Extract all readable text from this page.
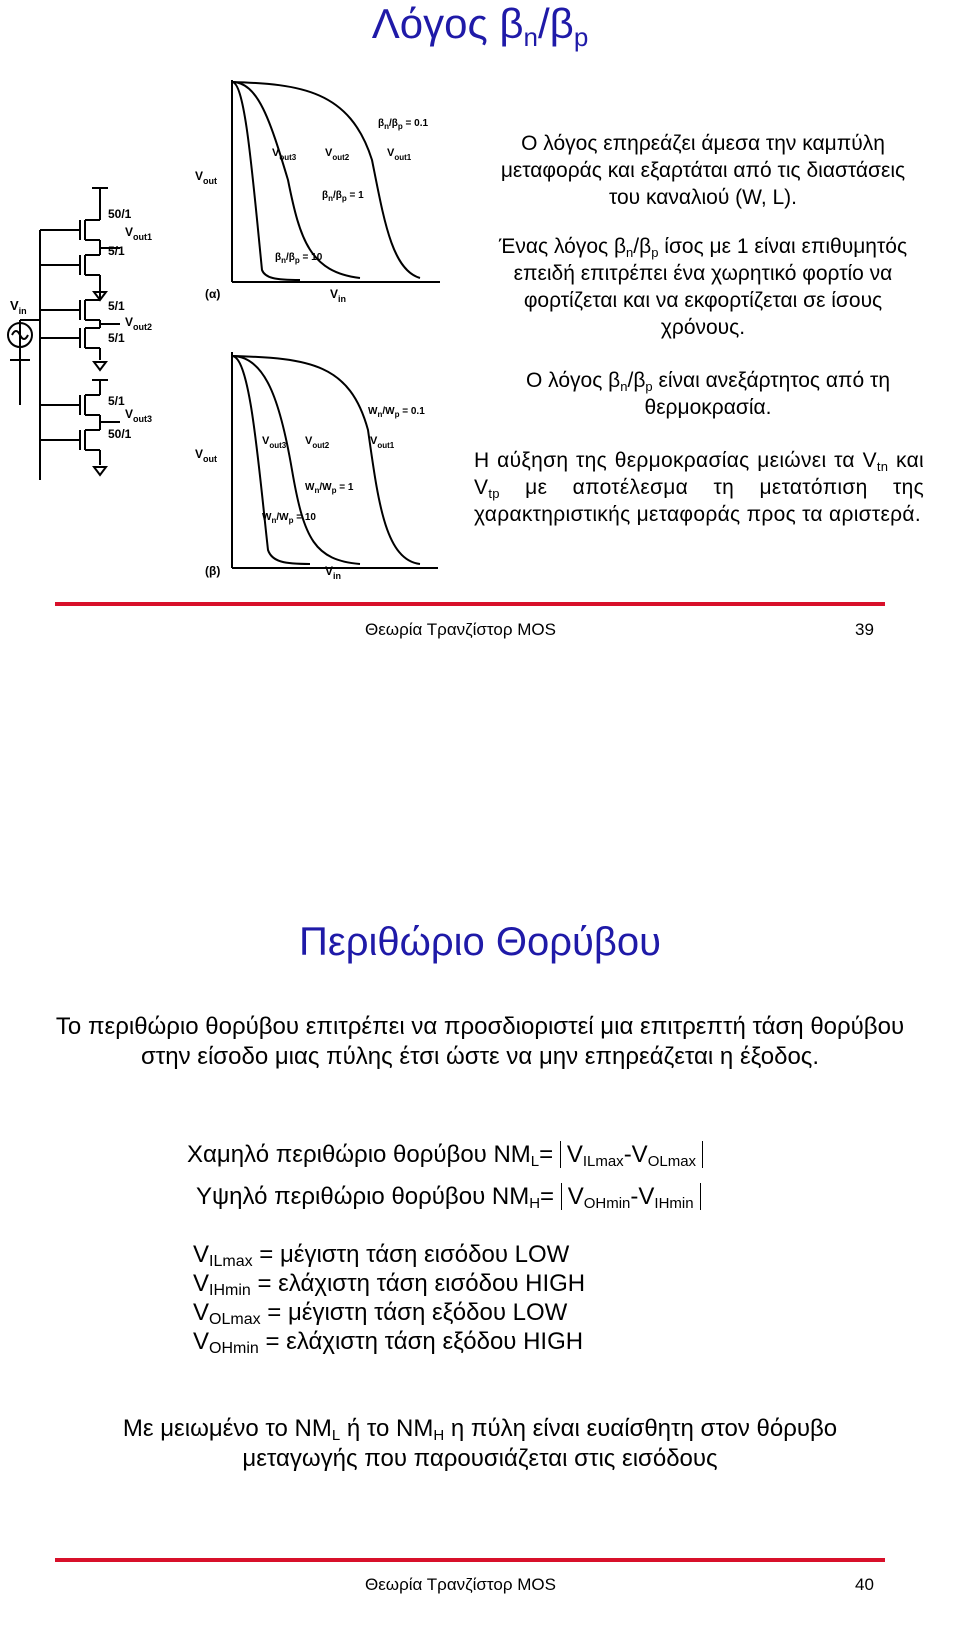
Λόγος $\beta_n/\beta_p$
$V_{in}$
50/1
5/1
$V_{out1}$
5/1
5/1
$V_{out2}$
5/1
50/1
$V_{out3}$
$V_{out}$
(α)	$V_{in}$
$V_{out3}$	$V_{out2}$	$V_{out1}$
$\beta_n/\beta_p = 0.1$
$\beta_n/\beta_p = 1$
$\beta_n/\beta_p = 10$
$V_{out}$
(β)	$V_{in}$
$V_{out3}$ $V_{out2}$	$V_{out1}$
$W_n/W_p = 0.1$
$W_n/W_p = 1$
$W_n/W_p = 10$
Ο λόγος επηρεάζει άμεσα την καμπύλη μεταφοράς και εξαρτάται από τις διαστάσεις του καναλιού (W, L).
Ένας λόγος $\beta_n/\beta_p$ ίσος με 1 είναι επιθυμητός επειδή επιτρέπει ένα χωρητικό φορτίο να φορτίζεται και να εκφορτίζεται σε ίσους χρόνους.
Ο λόγος $\beta_n/\beta_p$ είναι ανεξάρτητος από τη θερμοκρασία.
Η αύξηση της θερμοκρασίας μειώνει τα $V_{tn}$ και $V_{tp}$ με αποτέλεσμα τη μετατόπιση της χαρακτηριστικής μεταφοράς προς τα αριστερά.
Θεωρία Τρανζίστορ MOS	39
Περιθώριο Θορύβου
Το περιθώριο θορύβου επιτρέπει να προσδιοριστεί μια επιτρεπτή τάση θορύβου στην είσοδο μιας πύλης έτσι ώστε να μην επηρεάζεται η έξοδος.
Χαμηλό περιθώριο θορύβου $NM_L= V_{ILmax}-V_{OLmax}$
Υψηλό περιθώριο θορύβου $NM_H= V_{OHmin}-V_{IHmin}$
$V_{ILmax} = \mu έ\gamma\iota\sigma\tau\eta$ τάση εισόδου LOW
$V_{IHmin} = \varepsilon\lambda ά\chi\iota\sigma\tau\eta$ τάση εισόδου HIGH
$V_{OLmax} = \mu έ\gamma\iota\sigma\tau\eta$ τάση εξόδου LOW
$V_{OHmin} = \varepsilon\lambda ά\chi\iota\sigma\tau\eta$ τάση εξόδου HIGH
Με μειωμένο το $NM_L$ ή το $NM_H$ η πύλη είναι ευαίσθητη στον θόρυβο μεταγωγής που παρουσιάζεται στις εισόδους
Θεωρία Τρανζίστορ MOS	40
